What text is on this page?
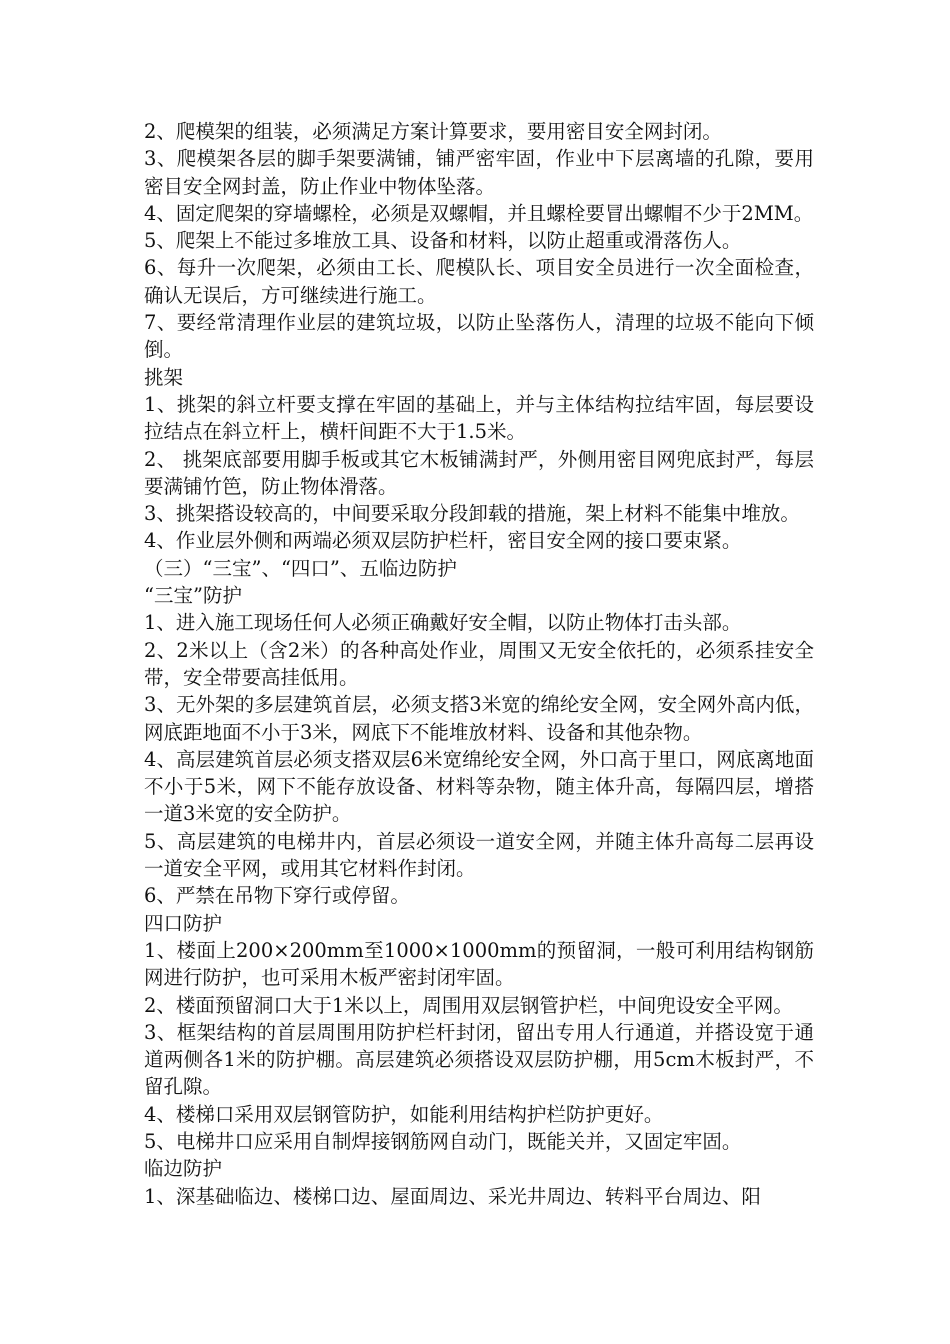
2、爬模架的组装，必须满足方案计算要求，要用密目安全网封闭。

3、爬模架各层的脚手架要满铺，铺严密牢固，作业中下层离墙的孔隙，要用密目安全网封盖，防止作业中物体坠落。

4、固定爬架的穿墙螺栓，必须是双螺帽，并且螺栓要冒出螺帽不少于2MM。

5、爬架上不能过多堆放工具、设备和材料，以防止超重或滑落伤人。

6、每升一次爬架，必须由工长、爬模队长、项目安全员进行一次全面检查，确认无误后，方可继续进行施工。

7、要经常清理作业层的建筑垃圾，以防止坠落伤人，清理的垃圾不能向下倾倒。

挑架

1、挑架的斜立杆要支撑在牢固的基础上，并与主体结构拉结牢固，每层要设拉结点在斜立杆上，横杆间距不大于1.5米。

2、 挑架底部要用脚手板或其它木板铺满封严，外侧用密目网兜底封严，每层要满铺竹笆，防止物体滑落。

3、挑架搭设较高的，中间要采取分段卸载的措施，架上材料不能集中堆放。

4、作业层外侧和两端必须双层防护栏杆，密目安全网的接口要束紧。

（三）“三宝”、“四口”、五临边防护

“三宝”防护

1、进入施工现场任何人必须正确戴好安全帽，以防止物体打击头部。

2、2米以上（含2米）的各种高处作业，周围又无安全依托的，必须系挂安全带，安全带要高挂低用。

3、无外架的多层建筑首层，必须支搭3米宽的绵纶安全网，安全网外高内低，网底距地面不小于3米，网底下不能堆放材料、设备和其他杂物。

4、高层建筑首层必须支搭双层6米宽绵纶安全网，外口高于里口，网底离地面不小于5米，网下不能存放设备、材料等杂物，随主体升高，每隔四层，增搭一道3米宽的安全防护。

5、高层建筑的电梯井内，首层必须设一道安全网，并随主体升高每二层再设一道安全平网，或用其它材料作封闭。

6、严禁在吊物下穿行或停留。

四口防护

1、楼面上200×200mm至1000×1000mm的预留洞，一般可利用结构钢筋网进行防护，也可采用木板严密封闭牢固。

2、楼面预留洞口大于1米以上，周围用双层钢管护栏，中间兜设安全平网。

3、框架结构的首层周围用防护栏杆封闭，留出专用人行通道，并搭设宽于通道两侧各1米的防护棚。高层建筑必须搭设双层防护棚，用5cm木板封严，不留孔隙。

4、楼梯口采用双层钢管防护，如能利用结构护栏防护更好。

5、电梯井口应采用自制焊接钢筋网自动门，既能关并，又固定牢固。

临边防护

1、深基础临边、楼梯口边、屋面周边、采光井周边、转料平台周边、阳
